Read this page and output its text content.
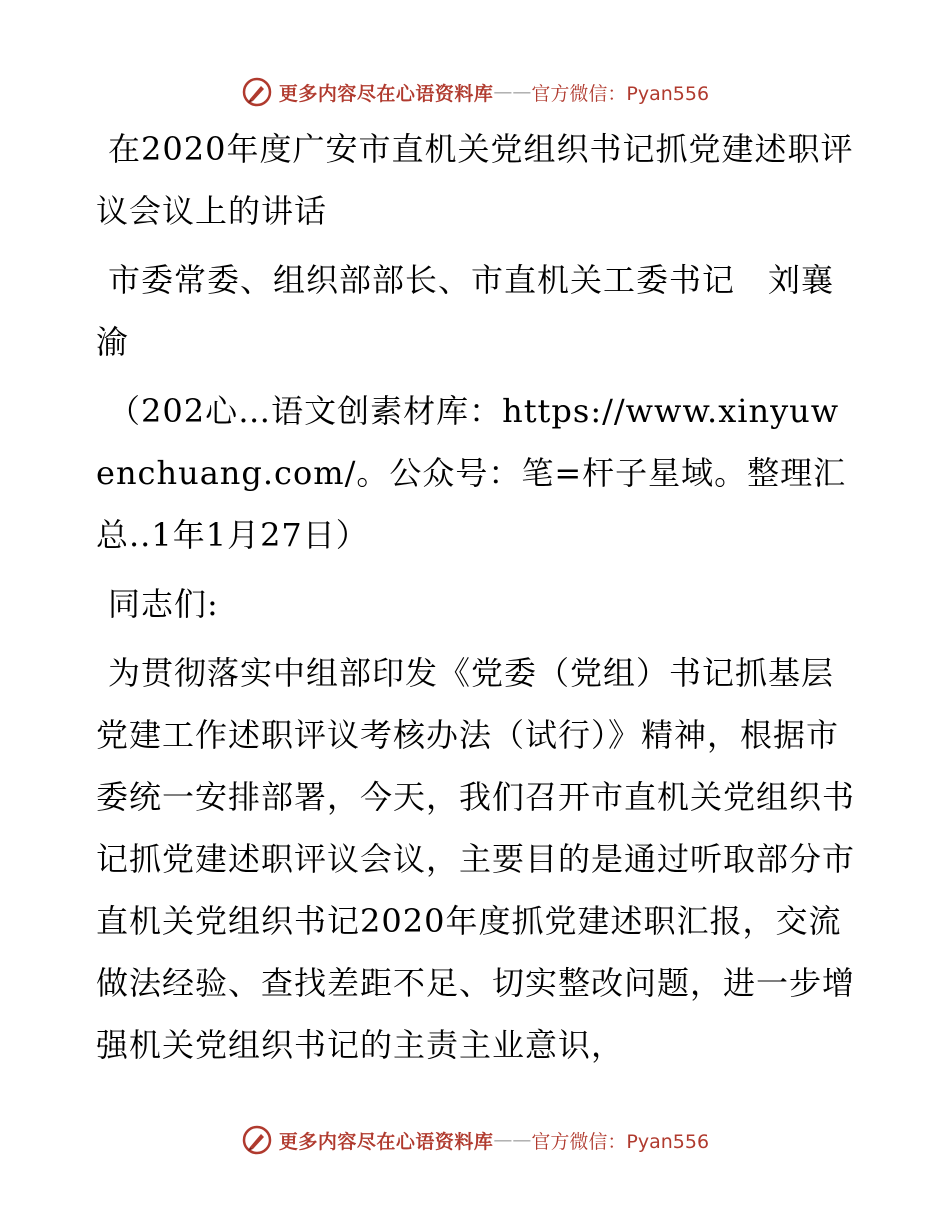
更多内容尽在心语资料库 —— 官方微信：Pyan556

在2020年度广安市直机关党组织书记抓党建述职评议会议上的讲话

市委常委、组织部部长、市直机关工委书记　刘襄渝

（202心…语文创素材库：https://www.xinyuwenchuang.com/。公众号：笔=杆子星域。整理汇总..1年1月27日）

同志们:

为贯彻落实中组部印发《党委（党组）书记抓基层党建工作述职评议考核办法（试行）》精神，根据市委统一安排部署，今天，我们召开市直机关党组织书记抓党建述职评议会议，主要目的是通过听取部分市直机关党组织书记2020年度抓党建述职汇报，交流做法经验、查找差距不足、切实整改问题，进一步增强机关党组织书记的主责主业意识，

更多内容尽在心语资料库 —— 官方微信：Pyan556
